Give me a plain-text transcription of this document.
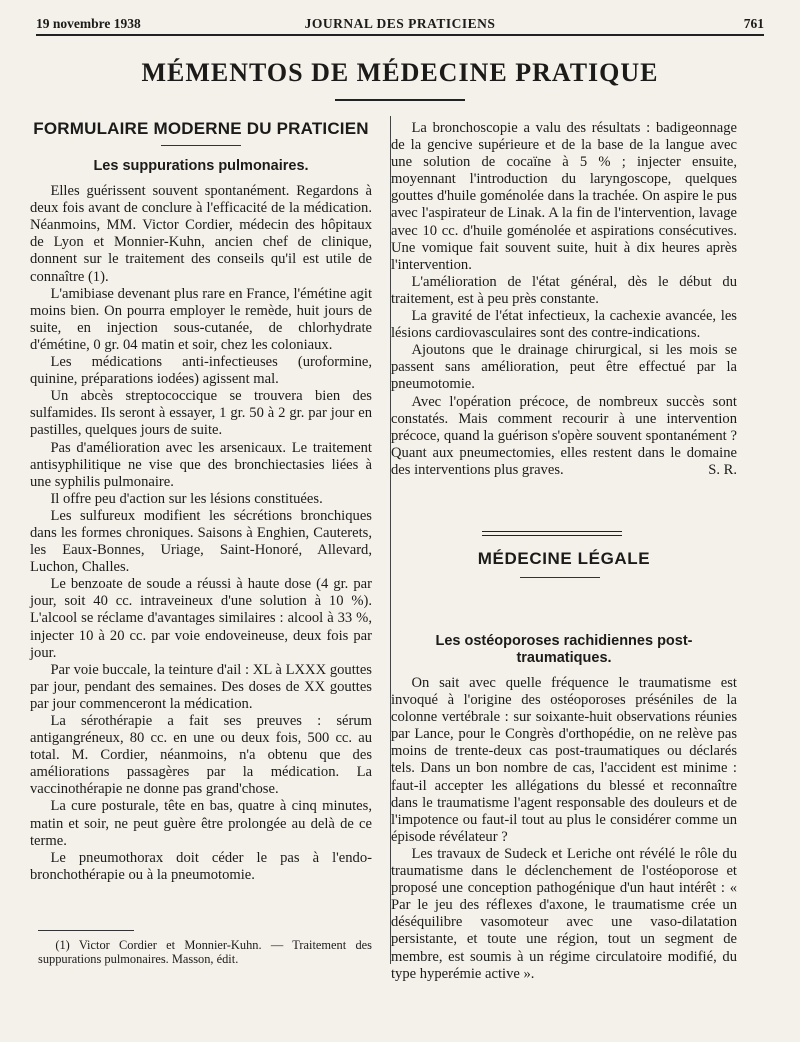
19 novembre 1938	JOURNAL DES PRATICIENS	761
MÉMENTOS DE MÉDECINE PRATIQUE
FORMULAIRE MODERNE DU PRATICIEN
Les suppurations pulmonaires.

Elles guérissent souvent spontanément. Regardons à deux fois avant de conclure à l'efficacité de la médication. Néanmoins, MM. Victor Cordier, médecin des hôpitaux de Lyon et Monnier-Kuhn, ancien chef de clinique, donnent sur le traitement des conseils qu'il est utile de connaître (1).

L'amibiase devenant plus rare en France, l'émétine agit moins bien. On pourra employer le remède, huit jours de suite, en injection sous-cutanée, de chlorhydrate d'émétine, 0 gr. 04 matin et soir, chez les coloniaux.

Les médications anti-infectieuses (uroformine, quinine, préparations iodées) agissent mal.

Un abcès streptococcique se trouvera bien des sulfamides. Ils seront à essayer, 1 gr. 50 à 2 gr. par jour en pastilles, quelques jours de suite.

Pas d'amélioration avec les arsenicaux. Le traitement antisyphilitique ne vise que des bronchiectasies liées à une syphilis pulmonaire.

Il offre peu d'action sur les lésions constituées.

Les sulfureux modifient les sécrétions bronchiques dans les formes chroniques. Saisons à Enghien, Cauterets, les Eaux-Bonnes, Uriage, Saint-Honoré, Allevard, Luchon, Challes.

Le benzoate de soude a réussi à haute dose (4 gr. par jour, soit 40 cc. intraveineux d'une solution à 10 %). L'alcool se réclame d'avantages similaires : alcool à 33 %, injecter 10 à 20 cc. par voie endoveineuse, deux fois par jour.

Par voie buccale, la teinture d'ail : XL à LXXX gouttes par jour, pendant des semaines. Des doses de XX gouttes par jour commenceront la médication.

La sérothérapie a fait ses preuves : sérum antigangréneux, 80 cc. en une ou deux fois, 500 cc. au total. M. Cordier, néanmoins, n'a obtenu que des améliorations passagères par la médication. La vaccinothérapie ne donne pas grand'chose.

La cure posturale, tête en bas, quatre à cinq minutes, matin et soir, ne peut guère être prolongée au delà de ce terme.

Le pneumothorax doit céder le pas à l'endo-bronchothérapie ou à la pneumotomie.

(1) Victor Cordier et Monnier-Kuhn. — Traitement des suppurations pulmonaires. Masson, édit.

La bronchoscopie a valu des résultats : badigeonnage de la gencive supérieure et de la base de la langue avec une solution de cocaïne à 5 % ; injecter ensuite, moyennant l'introduction du laryngoscope, quelques gouttes d'huile goménolée dans la trachée. On aspire le pus avec l'aspirateur de Linak. A la fin de l'intervention, lavage avec 10 cc. d'huile goménolée et aspirations consécutives. Une vomique fait souvent suite, huit à dix heures après l'intervention.

L'amélioration de l'état général, dès le début du traitement, est à peu près constante.

La gravité de l'état infectieux, la cachexie avancée, les lésions cardiovasculaires sont des contre-indications.

Ajoutons que le drainage chirurgical, si les mois se passent sans amélioration, peut être effectué par la pneumotomie.

Avec l'opération précoce, de nombreux succès sont constatés. Mais comment recourir à une intervention précoce, quand la guérison s'opère souvent spontanément ? Quant aux pneumectomies, elles restent dans le domaine des interventions plus graves.	S. R.

MÉDECINE LÉGALE
Les ostéoporoses rachidiennes post-traumatiques.

On sait avec quelle fréquence le traumatisme est invoqué à l'origine des ostéoporoses préséniles de la colonne vertébrale : sur soixante-huit observations réunies par Lance, pour le Congrès d'orthopédie, on ne relève pas moins de trente-deux cas post-traumatiques ou déclarés tels. Dans un bon nombre de cas, l'accident est minime : faut-il accepter les allégations du blessé et reconnaître dans le traumatisme l'agent responsable des douleurs et de l'impotence ou faut-il tout au plus le considérer comme un épisode révélateur ?

Les travaux de Sudeck et Leriche ont révélé le rôle du traumatisme dans le déclenchement de l'ostéoporose et proposé une conception pathogénique d'un haut intérêt : « Par le jeu des réflexes d'axone, le traumatisme crée un déséquilibre vasomoteur avec une vaso-dilatation persistante, et toute une région, tout un segment de membre, est soumis à un régime circulatoire modifié, du type hyperémie active ».
